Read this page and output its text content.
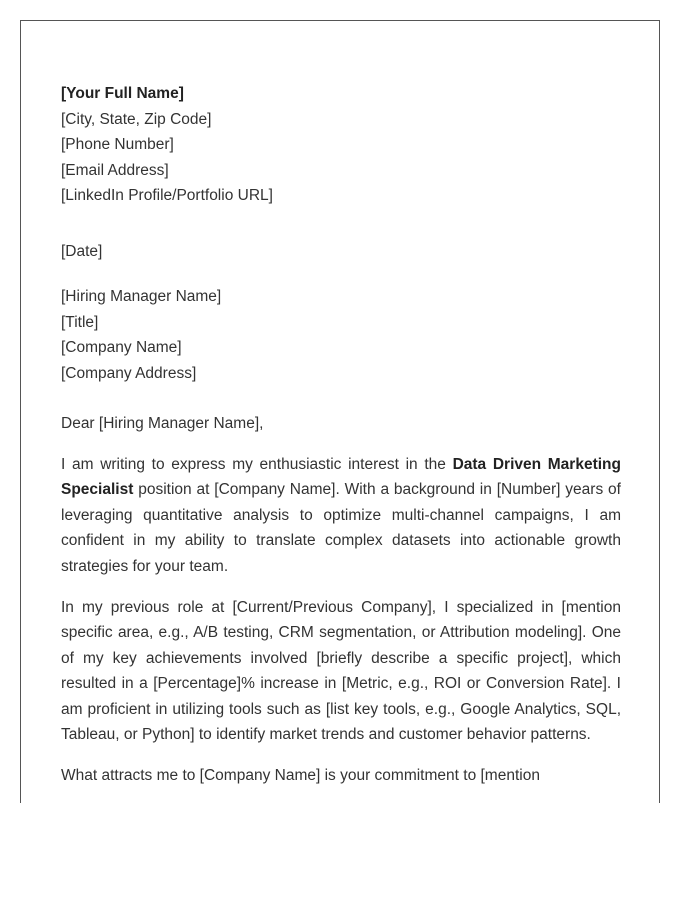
[Your Full Name]
[City, State, Zip Code]
[Phone Number]
[Email Address]
[LinkedIn Profile/Portfolio URL]
[Date]
[Hiring Manager Name]
[Title]
[Company Name]
[Company Address]
Dear [Hiring Manager Name],

I am writing to express my enthusiastic interest in the Data Driven Marketing Specialist position at [Company Name]. With a background in [Number] years of leveraging quantitative analysis to optimize multi-channel campaigns, I am confident in my ability to translate complex datasets into actionable growth strategies for your team.

In my previous role at [Current/Previous Company], I specialized in [mention specific area, e.g., A/B testing, CRM segmentation, or Attribution modeling]. One of my key achievements involved [briefly describe a specific project], which resulted in a [Percentage]% increase in [Metric, e.g., ROI or Conversion Rate]. I am proficient in utilizing tools such as [list key tools, e.g., Google Analytics, SQL, Tableau, or Python] to identify market trends and customer behavior patterns.

What attracts me to [Company Name] is your commitment to [mention
